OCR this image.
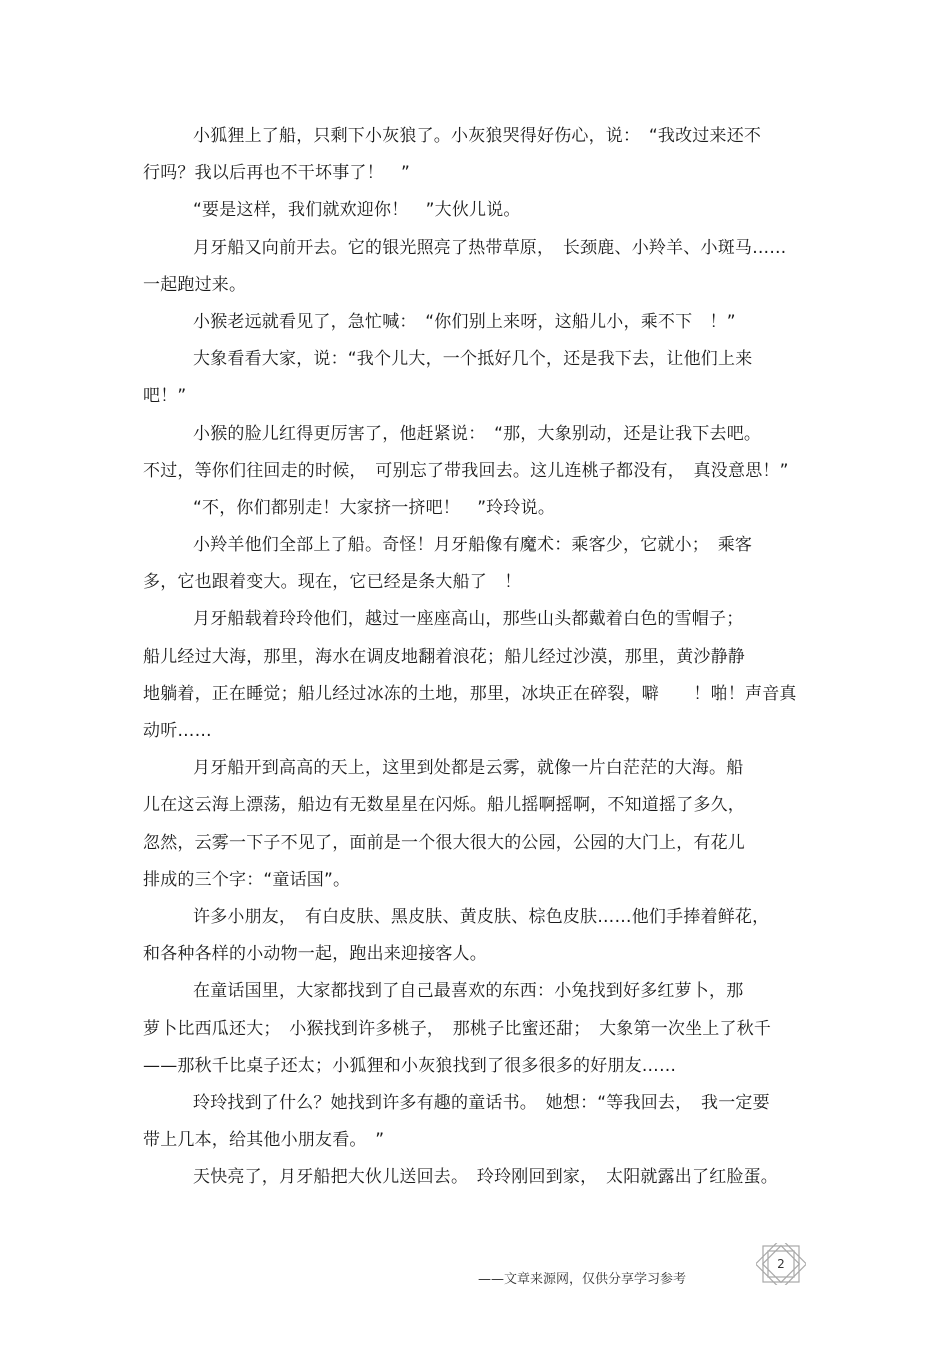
小狐狸上了船，只剩下小灰狼了。小灰狼哭得好伤心，说：　“我改过来还不
行吗？我以后再也不干坏事了！　”
“要是这样，我们就欢迎你！　”大伙儿说。
月牙船又向前开去。它的银光照亮了热带草原，　长颈鹿、小羚羊、小斑马……
一起跑过来。
小猴老远就看见了，急忙喊：　“你们别上来呀，这船儿小，乘不下　！”
大象看看大家，说：“我个儿大，一个抵好几个，还是我下去，让他们上来
吧！”
小猴的脸儿红得更厉害了，他赶紧说：　“那，大象别动，还是让我下去吧。
不过，等你们往回走的时候，　可别忘了带我回去。这儿连桃子都没有，　真没意思！”
“不，你们都别走！大家挤一挤吧！　”玲玲说。
小羚羊他们全部上了船。奇怪！月牙船像有魔术：乘客少，它就小；　乘客
多，它也跟着变大。现在，它已经是条大船了　！
月牙船载着玲玲他们，越过一座座高山，那些山头都戴着白色的雪帽子；
船儿经过大海，那里，海水在调皮地翻着浪花；船儿经过沙漠，那里，黄沙静静
地躺着，正在睡觉；船儿经过冰冻的土地，那里，冰块正在碎裂，噼　　！啪！声音真
动听……
月牙船开到高高的天上，这里到处都是云雾，就像一片白茫茫的大海。船
儿在这云海上漂荡，船边有无数星星在闪烁。船儿摇啊摇啊，不知道摇了多久，
忽然，云雾一下子不见了，面前是一个很大很大的公园，公园的大门上，有花儿
排成的三个字：“童话国”。
许多小朋友，　有白皮肤、黑皮肤、黄皮肤、棕色皮肤……他们手捧着鲜花，
和各种各样的小动物一起，跑出来迎接客人。
在童话国里，大家都找到了自己最喜欢的东西：小兔找到好多红萝卜，那
萝卜比西瓜还大；　小猴找到许多桃子，　那桃子比蜜还甜；　大象第一次坐上了秋千
——那秋千比桌子还太；小狐狸和小灰狼找到了很多很多的好朋友……
玲玲找到了什么？她找到许多有趣的童话书。　她想：“等我回去，　我一定要
带上几本，给其他小朋友看。　”
天快亮了，月牙船把大伙儿送回去。　玲玲刚回到家，　太阳就露出了红脸蛋。
——文章来源网，仅供分享学习参考
2
